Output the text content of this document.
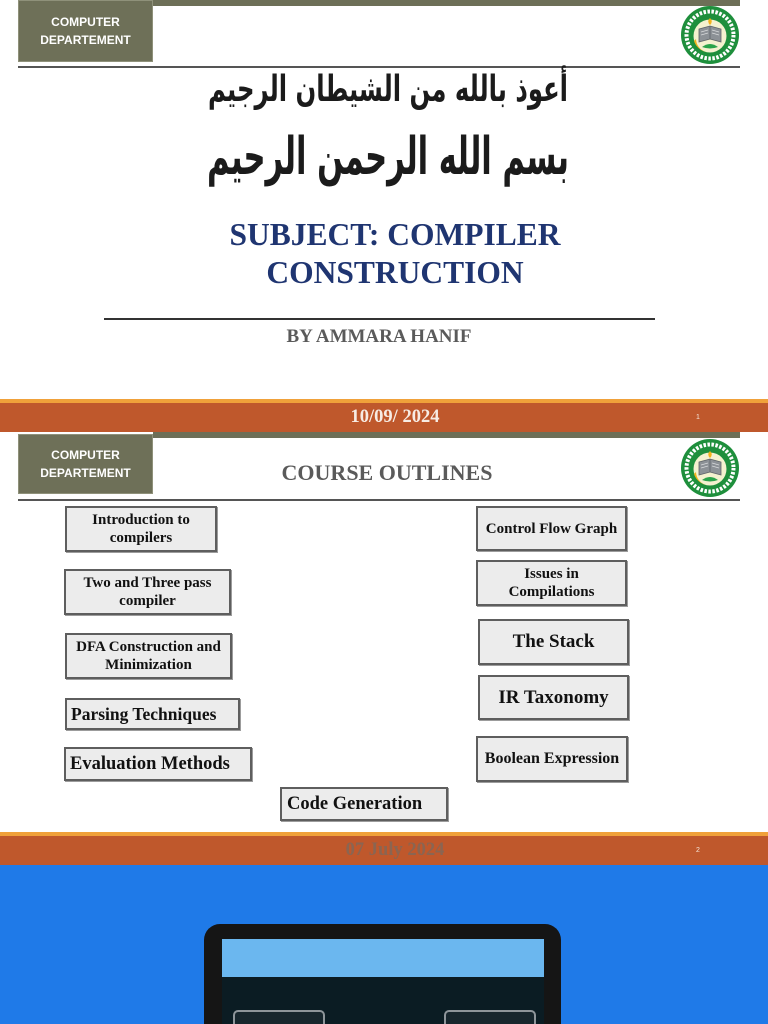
COMPUTER
DEPARTEMENT
أعوذ بالله من الشيطان الرجيم
بسم الله الرحمن الرحيم
SUBJECT: COMPILER
CONSTRUCTION
BY AMMARA HANIF
10/09/ 2024	1
COMPUTER
DEPARTEMENT	COURSE OUTLINES
Introduction to compilers
Two and Three pass compiler
DFA Construction and Minimization
Parsing Techniques
Evaluation Methods
Code Generation
Control Flow Graph
Issues in Compilations
The Stack
IR Taxonomy
Boolean Expression
07 July 2024	2
